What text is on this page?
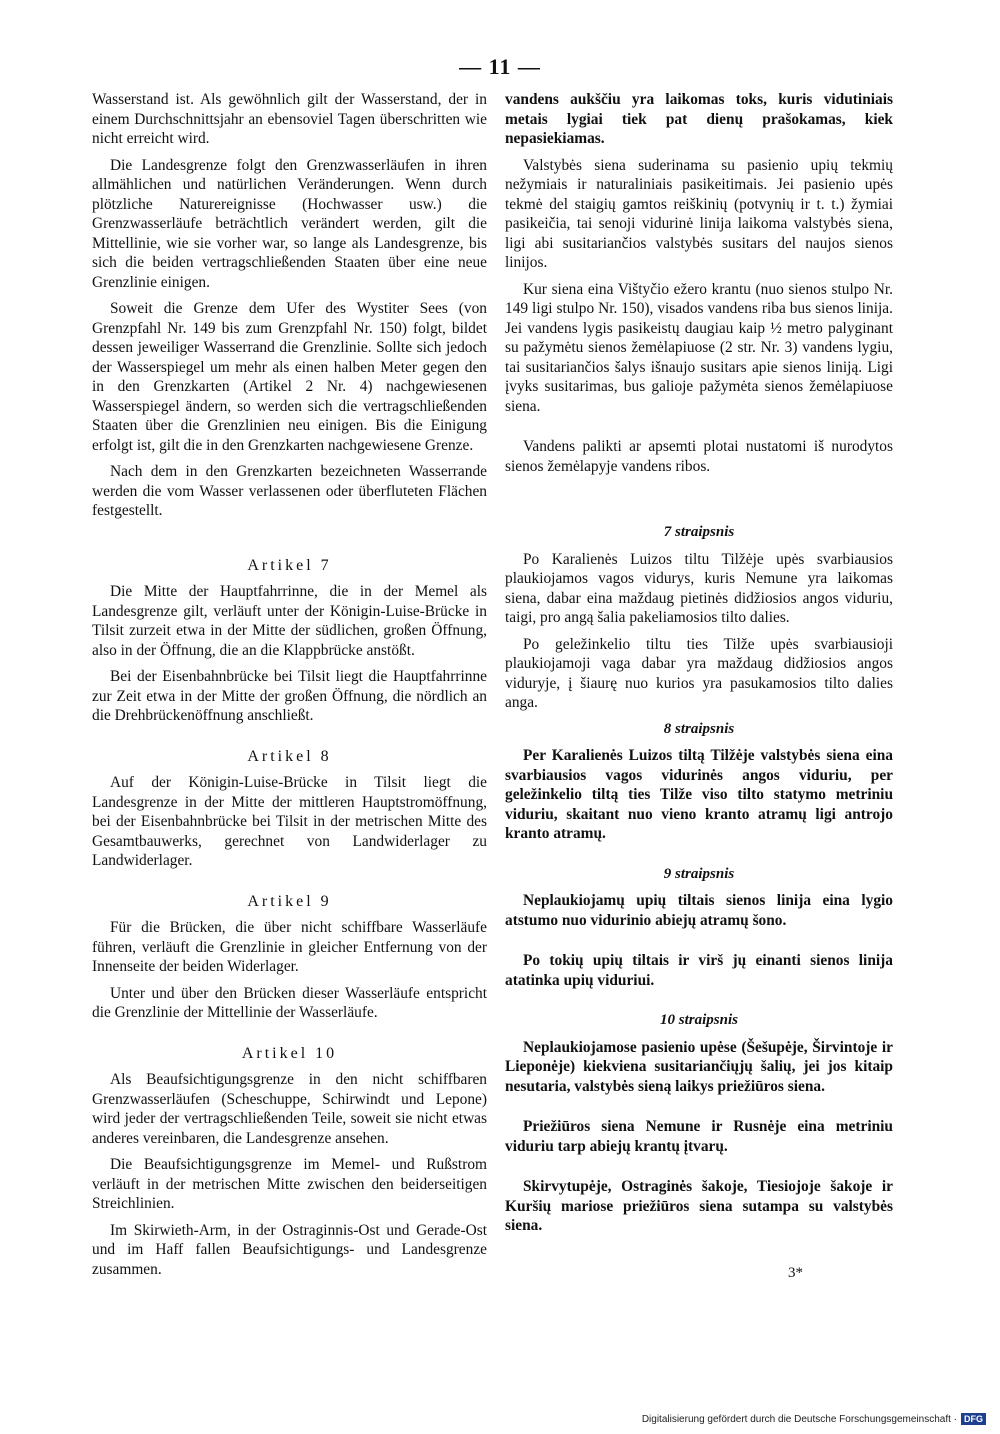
— 11 —

Wasserstand ist. Als gewöhnlich gilt der Wasserstand, der in einem Durchschnittsjahr an ebensoviel Tagen überschritten wie nicht erreicht wird.

Die Landesgrenze folgt den Grenzwasserläufen in ihren allmählichen und natürlichen Veränderungen. Wenn durch plötzliche Naturereignisse (Hochwasser usw.) die Grenzwasserläufe beträchtlich verändert werden, gilt die Mittellinie, wie sie vorher war, so lange als Landesgrenze, bis sich die beiden vertragschließenden Staaten über eine neue Grenzlinie einigen.

Soweit die Grenze dem Ufer des Wystiter Sees (von Grenzpfahl Nr. 149 bis zum Grenzpfahl Nr. 150) folgt, bildet dessen jeweiliger Wasserrand die Grenzlinie. Sollte sich jedoch der Wasserspiegel um mehr als einen halben Meter gegen den in den Grenzkarten (Artikel 2 Nr. 4) nachgewiesenen Wasserspiegel ändern, so werden sich die vertragschließenden Staaten über die Grenzlinien neu einigen. Bis die Einigung erfolgt ist, gilt die in den Grenzkarten nachgewiesene Grenze.

Nach dem in den Grenzkarten bezeichneten Wasserrande werden die vom Wasser verlassenen oder überfluteten Flächen festgestellt.

Artikel 7

Die Mitte der Hauptfahrrinne, die in der Memel als Landesgrenze gilt, verläuft unter der Königin-Luise-Brücke in Tilsit zurzeit etwa in der Mitte der südlichen, großen Öffnung, also in der Öffnung, die an die Klappbrücke anstößt.

Bei der Eisenbahnbrücke bei Tilsit liegt die Hauptfahrrinne zur Zeit etwa in der Mitte der großen Öffnung, die nördlich an die Drehbrückenöffnung anschließt.

Artikel 8

Auf der Königin-Luise-Brücke in Tilsit liegt die Landesgrenze in der Mitte der mittleren Hauptstromöffnung, bei der Eisenbahnbrücke bei Tilsit in der metrischen Mitte des Gesamtbauwerks, gerechnet von Landwiderlager zu Landwiderlager.

Artikel 9

Für die Brücken, die über nicht schiffbare Wasserläufe führen, verläuft die Grenzlinie in gleicher Entfernung von der Innenseite der beiden Widerlager.

Unter und über den Brücken dieser Wasserläufe entspricht die Grenzlinie der Mittellinie der Wasserläufe.

Artikel 10

Als Beaufsichtigungsgrenze in den nicht schiffbaren Grenzwasserläufen (Scheschuppe, Schirwindt und Lepone) wird jeder der vertragschließenden Teile, soweit sie nicht etwas anderes vereinbaren, die Landesgrenze ansehen.

Die Beaufsichtigungsgrenze im Memel- und Rußstrom verläuft in der metrischen Mitte zwischen den beiderseitigen Streichlinien.

Im Skirwieth-Arm, in der Ostraginnis-Ost und Gerade-Ost und im Haff fallen Beaufsichtigungs- und Landesgrenze zusammen.

vandens aukščiu yra laikomas toks, kuris vidutiniais metais lygiai tiek pat dienų prašokamas, kiek nepasiekiamas.

Valstybės siena suderinama su pasienio upių tekmių nežymiais ir naturaliniais pasikeitimais. Jei pasienio upės tekmė del staigių gamtos reiškinių (potvynių ir t. t.) žymiai pasikeičia, tai senoji vidurinė linija laikoma valstybės siena, ligi abi susitariančios valstybės susitars del naujos sienos linijos.

Kur siena eina Vištyčio ežero krantu (nuo sienos stulpo Nr. 149 ligi stulpo Nr. 150), visados vandens riba bus sienos linija. Jei vandens lygis pasikeistų daugiau kaip ½ metro palyginant su pažymėtu sienos žemėlapiuose (2 str. Nr. 3) vandens lygiu, tai susitariančios šalys išnaujo susitars apie sienos liniją. Ligi įvyks susitarimas, bus galioje pažymėta sienos žemėlapiuose siena.

Vandens palikti ar apsemti plotai nustatomi iš nurodytos sienos žemėlapyje vandens ribos.

7 straipsnis

Po Karalienės Luizos tiltu Tilžėje upės svarbiausios plaukiojamos vagos vidurys, kuris Nemune yra laikomas siena, dabar eina maždaug pietinės didžiosios angos viduriu, taigi, pro angą šalia pakeliamosios tilto dalies.

Po geležinkelio tiltu ties Tilže upės svarbiausioji plaukiojamoji vaga dabar yra maždaug didžiosios angos viduryje, į šiaurę nuo kurios yra pasukamosios tilto dalies anga.

8 straipsnis

Per Karalienės Luizos tiltą Tilžėje valstybės siena eina svarbiausios vagos vidurinės angos viduriu, per geležinkelio tiltą ties Tilže viso tilto statymo metriniu viduriu, skaitant nuo vieno kranto atramų ligi antrojo kranto atramų.

9 straipsnis

Neplaukiojamų upių tiltais sienos linija eina lygio atstumo nuo vidurinio abiejų atramų šono.

Po tokių upių tiltais ir virš jų einanti sienos linija atatinka upių viduriui.

10 straipsnis

Neplaukiojamose pasienio upėse (Šešupėje, Širvintoje ir Lieponėje) kiekviena susitariančiųjų šalių, jei jos kitaip nesutaria, valstybės sieną laikys priežiūros siena.

Priežiūros siena Nemune ir Rusnėje eina metriniu viduriu tarp abiejų krantų įtvarų.

Skirvytupėje, Ostraginės šakoje, Tiesiojoje šakoje ir Kuršių mariose priežiūros siena sutampa su valstybės siena.

3*
Digitalisierung gefördert durch die Deutsche Forschungsgemeinschaft · DFG
